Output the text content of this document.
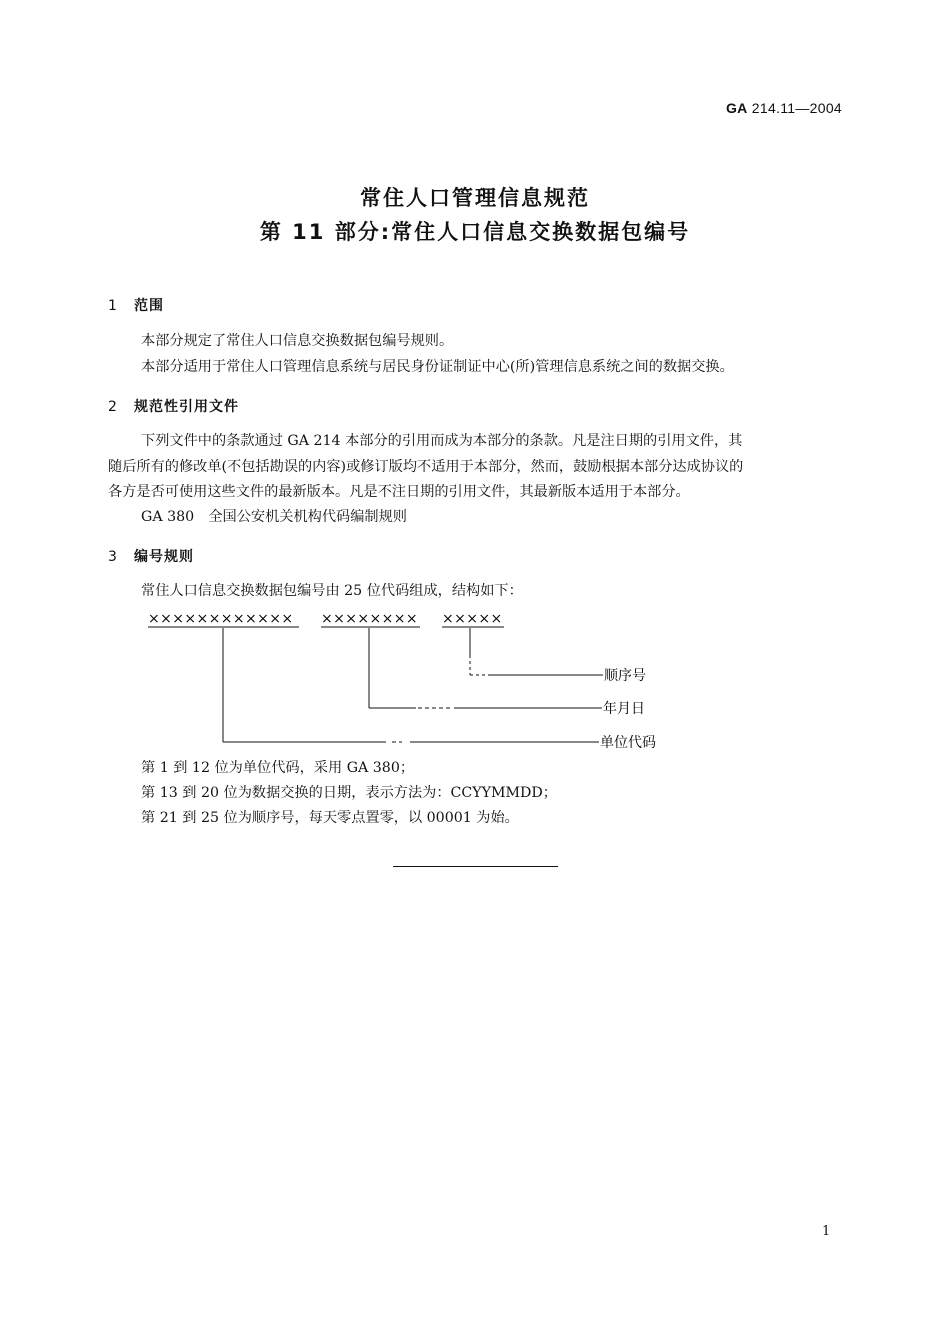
GA 214.11—2004
常住人口管理信息规范
第 11 部分:常住人口信息交换数据包编号
1 范围
本部分规定了常住人口信息交换数据包编号规则。
本部分适用于常住人口管理信息系统与居民身份证制证中心(所)管理信息系统之间的数据交换。
2 规范性引用文件
下列文件中的条款通过 GA 214 本部分的引用而成为本部分的条款。凡是注日期的引用文件，其
随后所有的修改单(不包括勘误的内容)或修订版均不适用于本部分，然而，鼓励根据本部分达成协议的
各方是否可使用这些文件的最新版本。凡是不注日期的引用文件，其最新版本适用于本部分。
GA 380　全国公安机关机构代码编制规则
3 编号规则
常住人口信息交换数据包编号由 25 位代码组成，结构如下：
×××××××××××× ×××××××× ×××××
顺序号
年月日
单位代码
第 1 到 12 位为单位代码，采用 GA 380；
第 13 到 20 位为数据交换的日期，表示方法为：CCYYMMDD；
第 21 到 25 位为顺序号，每天零点置零，以 00001 为始。
1
